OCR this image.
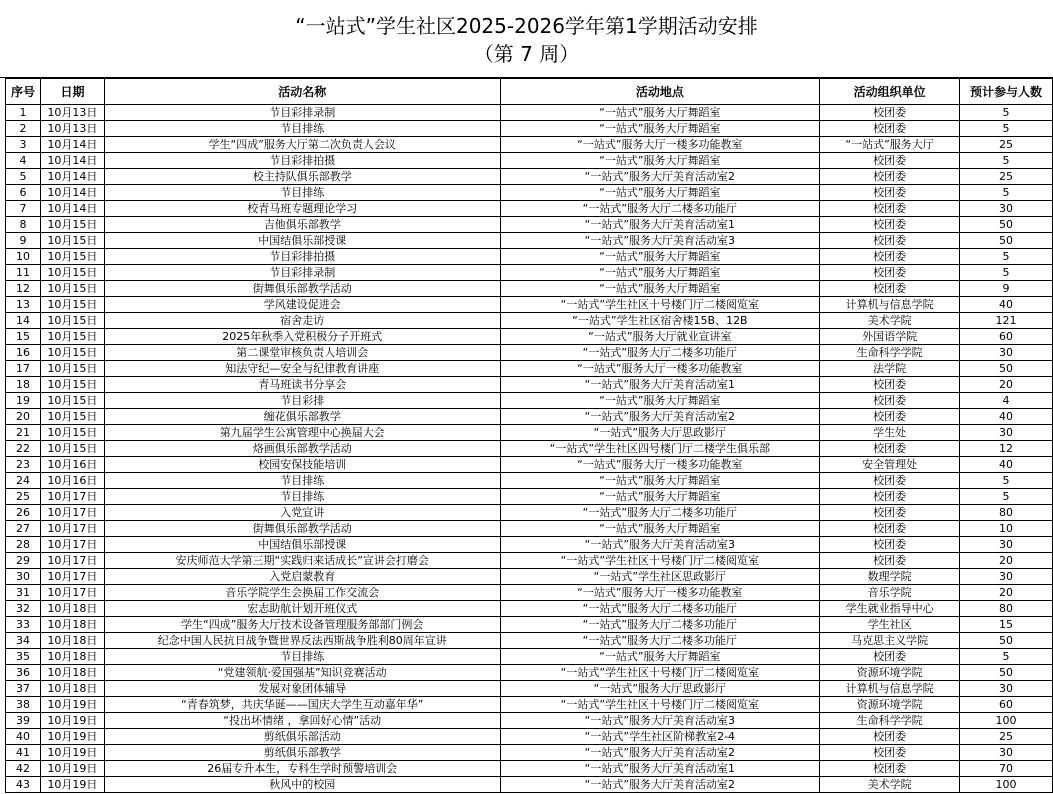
“一站式”学生社区2025-2026学年第1学期活动安排
（第 7 周）
序号	日期	活动名称	活动地点	活动组织单位	预计参与人数
1	10月13日	节目彩排录制	“一站式”服务大厅舞蹈室	校团委	5
2	10月13日	节目排练	“一站式”服务大厅舞蹈室	校团委	5
3	10月14日	学生“四成”服务大厅第二次负责人会议	“一站式”服务大厅一楼多功能教室	“一站式”服务大厅	25
4	10月14日	节目彩排拍摄	“一站式”服务大厅舞蹈室	校团委	5
5	10月14日	校主持队俱乐部教学	“一站式”服务大厅美育活动室2	校团委	25
6	10月14日	节目排练	“一站式”服务大厅舞蹈室	校团委	5
7	10月14日	校青马班专题理论学习	“一站式”服务大厅二楼多功能厅	校团委	30
8	10月15日	吉他俱乐部教学	“一站式”服务大厅美育活动室1	校团委	50
9	10月15日	中国结俱乐部授课	“一站式”服务大厅美育活动室3	校团委	50
10	10月15日	节目彩排拍摄	“一站式”服务大厅舞蹈室	校团委	5
11	10月15日	节目彩排录制	“一站式”服务大厅舞蹈室	校团委	5
12	10月15日	街舞俱乐部教学活动	“一站式”服务大厅舞蹈室	校团委	9
13	10月15日	学风建设促进会	“一站式”学生社区十号楼门厅二楼阅览室	计算机与信息学院	40
14	10月15日	宿舍走访	“一站式”学生社区宿舍楼15B、12B	美术学院	121
15	10月15日	2025年秋季入党积极分子开班式	“一站式”服务大厅就业宣讲室	外国语学院	60
16	10月15日	第二课堂审核负责人培训会	“一站式”服务大厅二楼多功能厅	生命科学学院	30
17	10月15日	知法守纪—安全与纪律教育讲座	“一站式”服务大厅一楼多功能教室	法学院	50
18	10月15日	青马班读书分享会	“一站式”服务大厅美育活动室1	校团委	20
19	10月15日	节目彩排	“一站式”服务大厅舞蹈室	校团委	4
20	10月15日	缠花俱乐部教学	“一站式”服务大厅美育活动室2	校团委	40
21	10月15日	第九届学生公寓管理中心换届大会	“一站式”服务大厅思政影厅	学生处	30
22	10月15日	烙画俱乐部教学活动	“一站式”学生社区四号楼门厅二楼学生俱乐部	校团委	12
23	10月16日	校园安保技能培训	“一站式”服务大厅一楼多功能教室	安全管理处	40
24	10月16日	节目排练	“一站式”服务大厅舞蹈室	校团委	5
25	10月17日	节目排练	“一站式”服务大厅舞蹈室	校团委	5
26	10月17日	入党宣讲	“一站式”服务大厅二楼多功能厅	校团委	80
27	10月17日	街舞俱乐部教学活动	“一站式”服务大厅舞蹈室	校团委	10
28	10月17日	中国结俱乐部授课	“一站式”服务大厅美育活动室3	校团委	30
29	10月17日	安庆师范大学第三期“实践归来话成长”宣讲会打磨会	“一站式”学生社区十号楼门厅二楼阅览室	校团委	20
30	10月17日	入党启蒙教育	“一站式”学生社区思政影厅	数理学院	30
31	10月17日	音乐学院学生会换届工作交流会	“一站式”服务大厅一楼多功能教室	音乐学院	20
32	10月18日	宏志助航计划开班仪式	“一站式”服务大厅二楼多功能厅	学生就业指导中心	80
33	10月18日	学生“四成”服务大厅技术设备管理服务部部门例会	“一站式”服务大厅二楼多功能厅	学生社区	15
34	10月18日	纪念中国人民抗日战争暨世界反法西斯战争胜利80周年宣讲	“一站式”服务大厅二楼多功能厅	马克思主义学院	50
35	10月18日	节目排练	“一站式”服务大厅舞蹈室	校团委	5
36	10月18日	“党建领航·爱国强基”知识竞赛活动	“一站式”学生社区十号楼门厅二楼阅览室	资源环境学院	50
37	10月18日	发展对象团体辅导	“一站式”服务大厅思政影厅	计算机与信息学院	30
38	10月19日	“青春筑梦，共庆华诞——国庆大学生互动嘉年华”	“一站式”学生社区十号楼门厅二楼阅览室	资源环境学院	60
39	10月19日	“投出坏情绪 ，拿回好心情”活动	“一站式”服务大厅美育活动室3	生命科学学院	100
40	10月19日	剪纸俱乐部活动	“一站式”学生社区阶梯教室2-4	校团委	25
41	10月19日	剪纸俱乐部教学	“一站式”服务大厅美育活动室2	校团委	30
42	10月19日	26届专升本生，专科生学时预警培训会	“一站式”服务大厅美育活动室1	校团委	70
43	10月19日	秋风中的校园	“一站式”服务大厅美育活动室2	美术学院	100
